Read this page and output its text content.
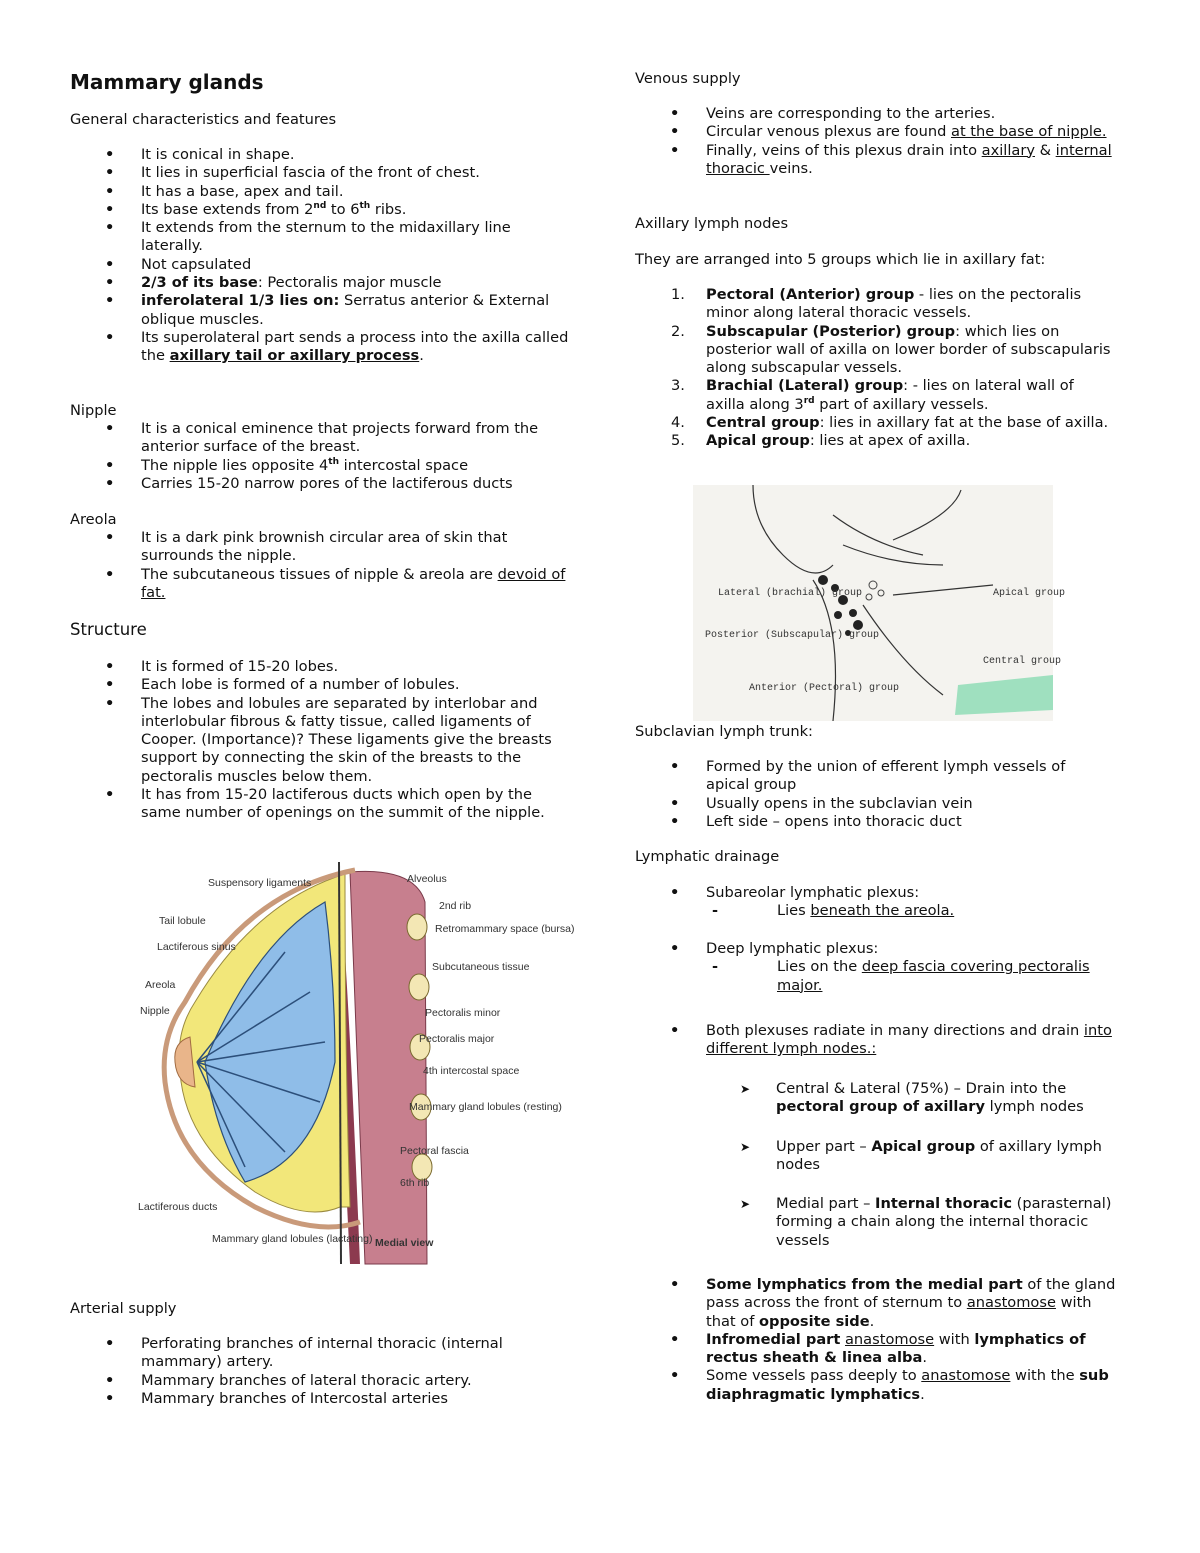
Mammary glands
General characteristics and features
• It is conical in shape.
• It lies in superficial fascia of the front of chest.
• It has a base, apex and tail.
• Its base extends from 2nd to 6th ribs.
• It extends from the sternum to the midaxillary line laterally.
• Not capsulated
• 2/3 of its base: Pectoralis major muscle
• inferolateral 1/3 lies on: Serratus anterior & External oblique muscles.
• Its superolateral part sends a process into the axilla called the axillary tail or axillary process.
Nipple
• It is a conical eminence that projects forward from the anterior surface of the breast.
• The nipple lies opposite 4th intercostal space
• Carries 15-20 narrow pores of the lactiferous ducts
Areola
• It is a dark pink brownish circular area of skin that surrounds the nipple.
• The subcutaneous tissues of nipple & areola are devoid of fat.
Structure
• It is formed of 15-20 lobes.
• Each lobe is formed of a number of lobules.
• The lobes and lobules are separated by interlobar and interlobular fibrous & fatty tissue, called ligaments of Cooper. (Importance)? These ligaments give the breasts support by connecting the skin of the breasts to the pectoralis muscles below them.
• It has from 15-20 lactiferous ducts which open by the same number of openings on the summit of the nipple.
Arterial supply
• Perforating branches of internal thoracic (internal mammary) artery.
• Mammary branches of lateral thoracic artery.
• Mammary branches of Intercostal arteries
Suspensory ligaments
Tail lobule
Lactiferous sinus
Areola
Nipple
Alveolus
2nd rib
Retromammary space (bursa)
Subcutaneous tissue
Pectoralis minor
Pectoralis major
4th intercostal space
Mammary gland lobules (resting)
Pectoral fascia
6th rib
Lactiferous ducts
Mammary gland lobules (lactating) Medial view
Venous supply
• Veins are corresponding to the arteries.
• Circular venous plexus are found at the base of nipple.
• Finally, veins of this plexus drain into axillary & internal thoracic veins.
Axillary lymph nodes
They are arranged into 5 groups which lie in axillary fat:
1. Pectoral (Anterior) group - lies on the pectoralis minor along lateral thoracic vessels.
2. Subscapular (Posterior) group: which lies on posterior wall of axilla on lower border of subscapularis along subscapular vessels.
3. Brachial (Lateral) group: - lies on lateral wall of axilla along 3rd part of axillary vessels.
4. Central group: lies in axillary fat at the base of axilla.
5. Apical group: lies at apex of axilla.
Subclavian lymph trunk:
• Formed by the union of efferent lymph vessels of apical group
• Usually opens in the subclavian vein
• Left side – opens into thoracic duct
Lymphatic drainage
• Subareolar lymphatic plexus:
- Lies beneath the areola.
• Deep lymphatic plexus:
- Lies on the deep fascia covering pectoralis major.
• Both plexuses radiate in many directions and drain into different lymph nodes.:
➤ Central & Lateral (75%) – Drain into the pectoral group of axillary lymph nodes
➤ Upper part – Apical group of axillary lymph nodes
➤ Medial part – Internal thoracic (parasternal) forming a chain along the internal thoracic vessels
• Some lymphatics from the medial part of the gland pass across the front of sternum to anastomose with that of opposite side.
• Infromedial part anastomose with lymphatics of rectus sheath & linea alba.
• Some vessels pass deeply to anastomose with the sub diaphragmatic lymphatics.
Lateral (brachial) group
Posterior (Subscapular) group
Anterior (Pectoral) group
Apical group
Central group
